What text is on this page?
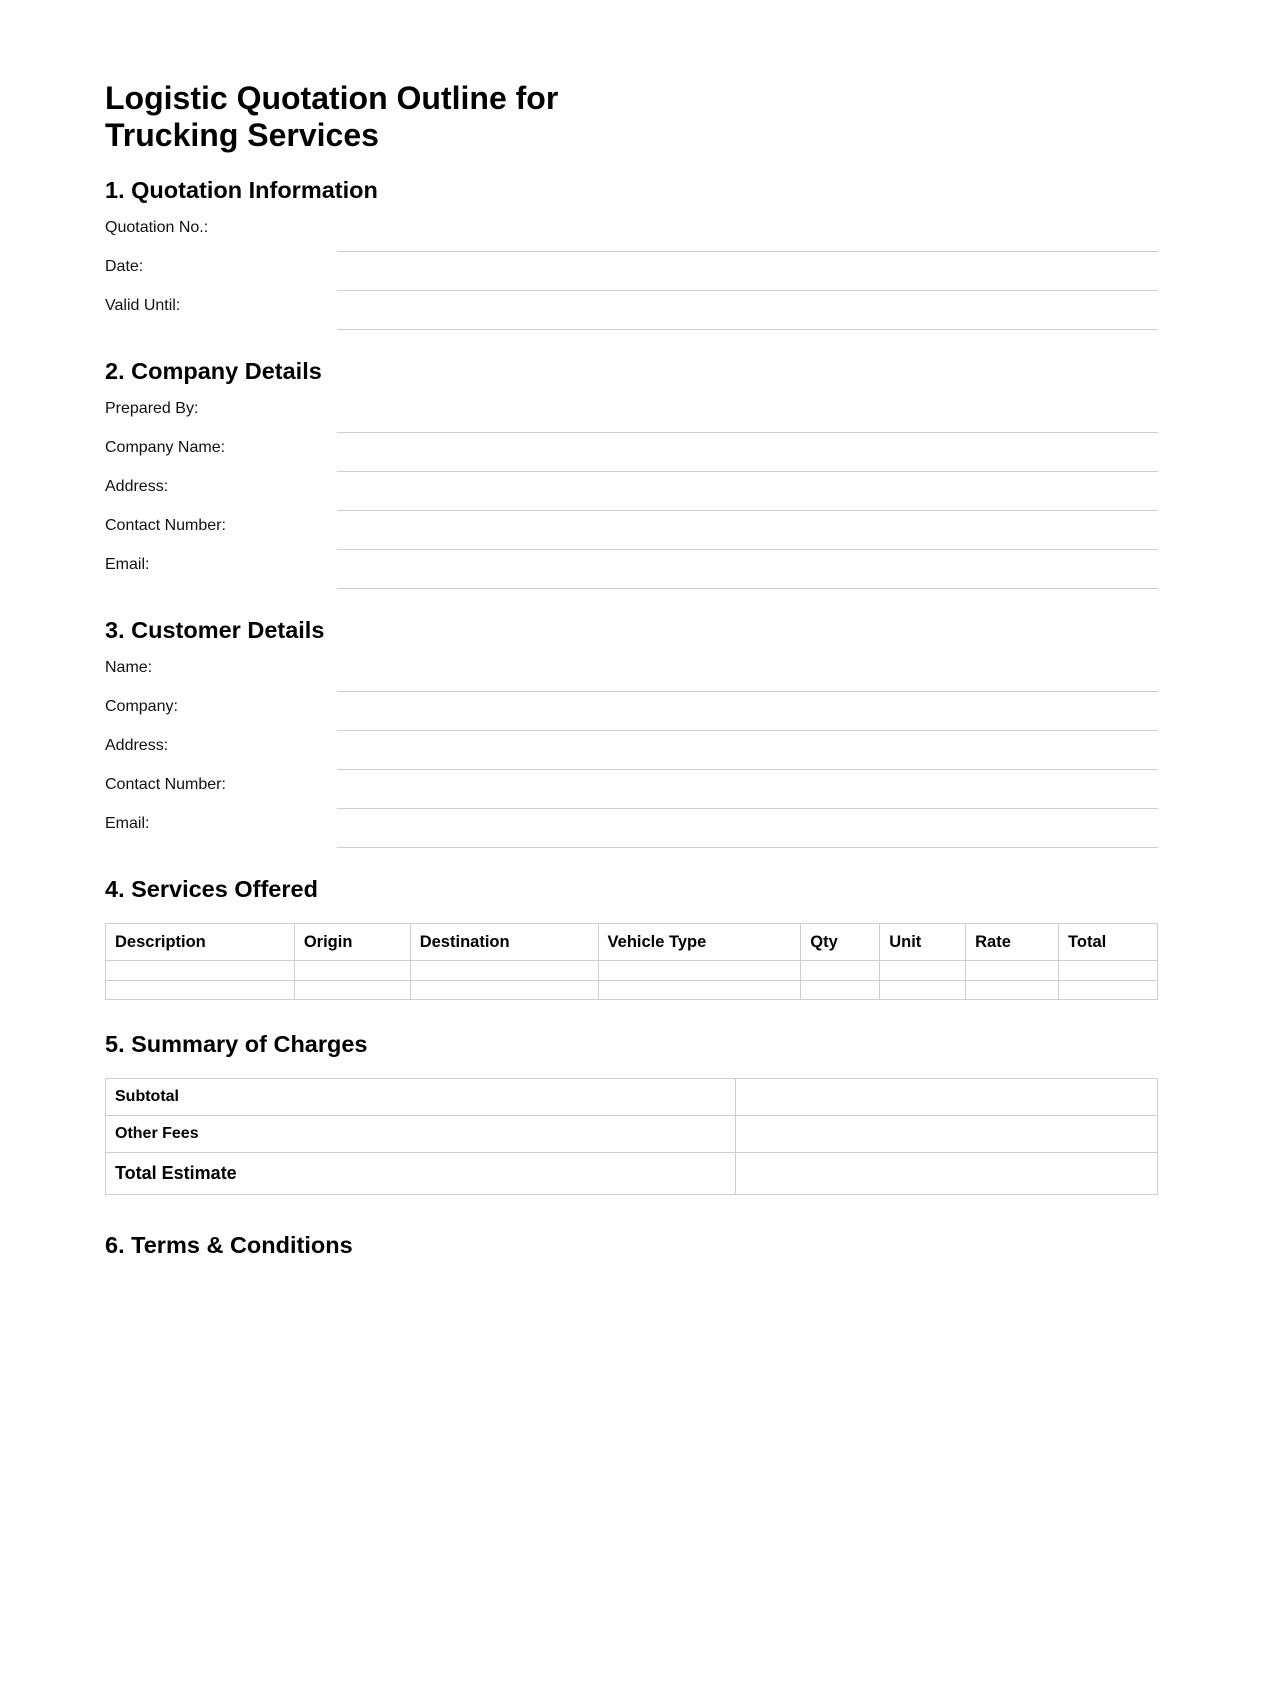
Logistic Quotation Outline for Trucking Services
1. Quotation Information
Quotation No.:
Date:
Valid Until:
2. Company Details
Prepared By:
Company Name:
Address:
Contact Number:
Email:
3. Customer Details
Name:
Company:
Address:
Contact Number:
Email:
4. Services Offered
Description	Origin	Destination	Vehicle Type	Qty	Unit	Rate	Total

5. Summary of Charges
Subtotal	
Other Fees	
Total Estimate	
6. Terms & Conditions
